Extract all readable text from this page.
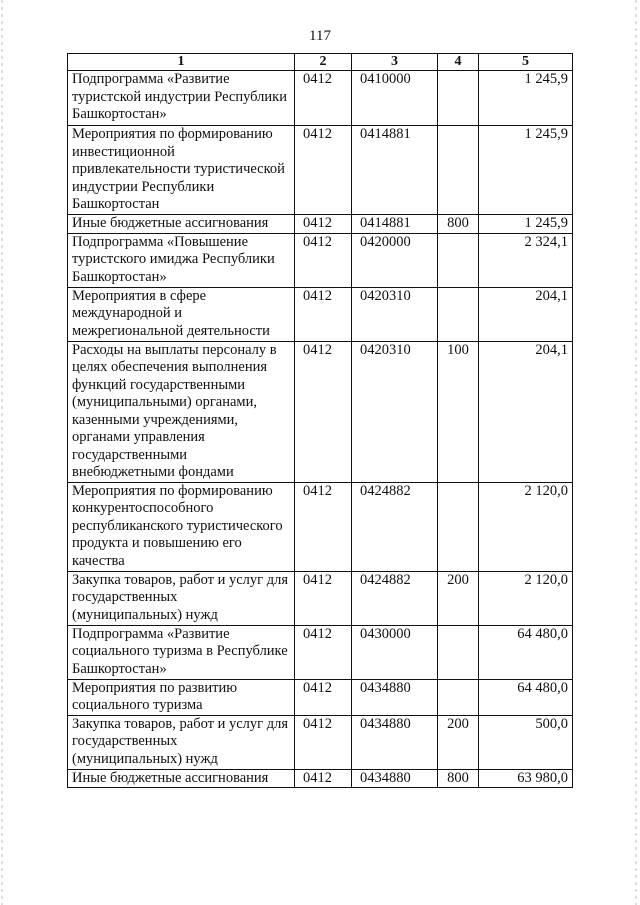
117
1	2	3	4	5
Подпрограмма «Развитие туристской индустрии Республики Башкортостан»	0412	0410000		1 245,9
Мероприятия по формированию инвестиционной привлекательности туристической индустрии Республики Башкортостан	0412	0414881		1 245,9
Иные бюджетные ассигнования	0412	0414881	800	1 245,9
Подпрограмма «Повышение туристского имиджа Республики Башкортостан»	0412	0420000		2 324,1
Мероприятия в сфере международной и межрегиональной деятельности	0412	0420310		204,1
Расходы на выплаты персоналу в целях обеспечения выполнения функций государственными (муниципальными) органами, казенными учреждениями, органами управления государственными внебюджетными фондами	0412	0420310	100	204,1
Мероприятия по формированию конкурентоспособного республиканского туристического продукта и повышению его качества	0412	0424882		2 120,0
Закупка товаров, работ и услуг для государственных (муниципальных) нужд	0412	0424882	200	2 120,0
Подпрограмма «Развитие социального туризма в Республике Башкортостан»	0412	0430000		64 480,0
Мероприятия по развитию социального туризма	0412	0434880		64 480,0
Закупка товаров, работ и услуг для государственных (муниципальных) нужд	0412	0434880	200	500,0
Иные бюджетные ассигнования	0412	0434880	800	63 980,0
